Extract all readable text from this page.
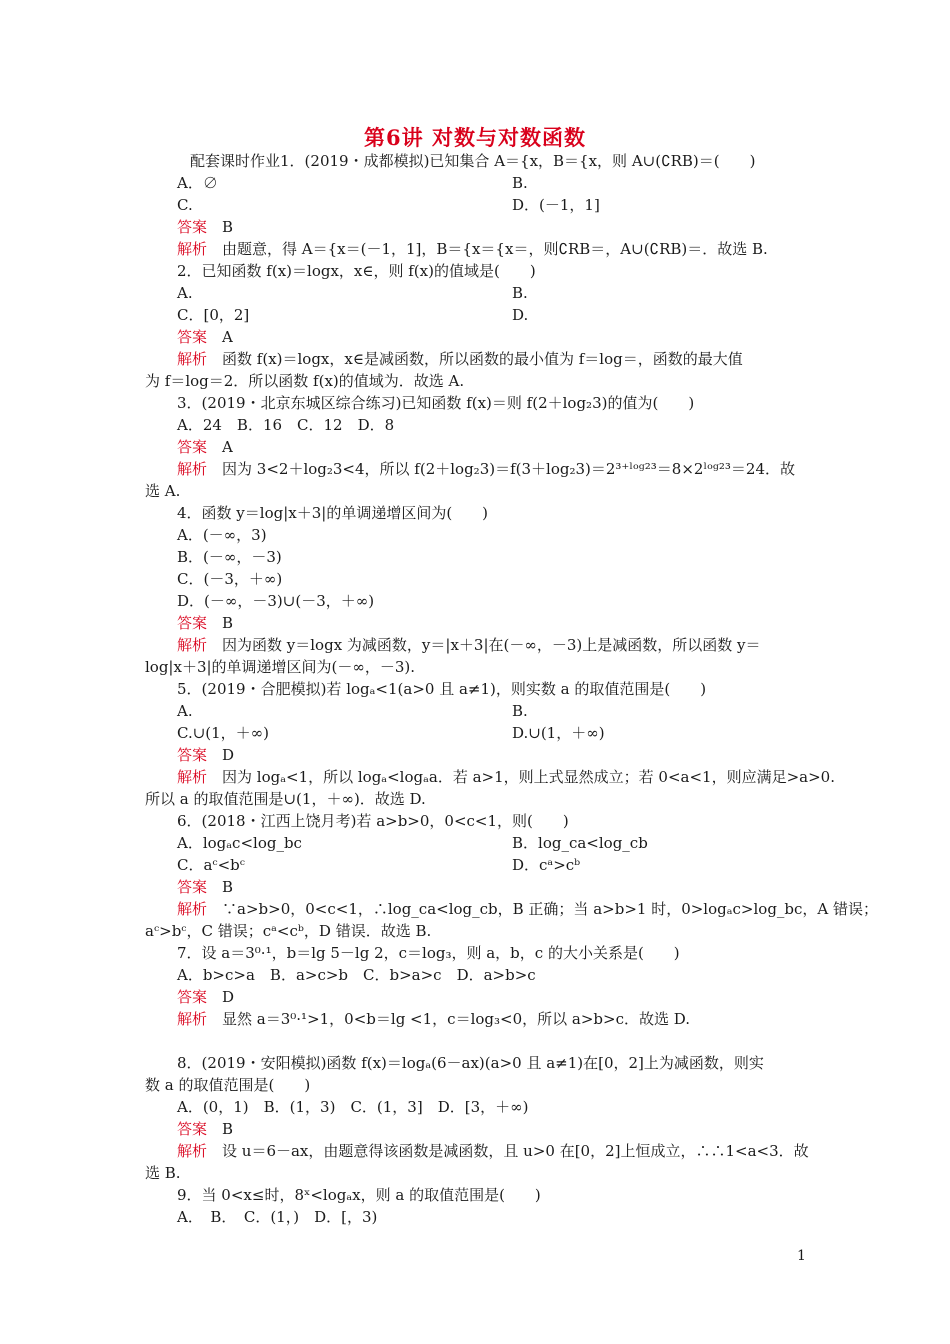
第6讲 对数与对数函数
配套课时作业1．(2019・成都模拟)已知集合 A＝{x，B＝{x，则 A∪(∁RB)＝(　　)
A．∅	B.
C.	D．(－1，1]
答案　B
解析　由题意，得 A＝{x＝(－1，1]，B＝{x＝{x＝，则∁RB＝，A∪(∁RB)＝．故选 B.
2．已知函数 f(x)＝logx，x∈，则 f(x)的值域是(　　)
A.	B.
C．[0，2]	D.
答案　A
解析　函数 f(x)＝logx，x∈是减函数，所以函数的最小值为 f＝log＝，函数的最大值
为 f＝log＝2．所以函数 f(x)的值域为．故选 A.
3．(2019・北京东城区综合练习)已知函数 f(x)＝则 f(2＋log₂3)的值为(　　)
A．24　B．16　C．12　D．8
答案　A
解析　因为 3<2＋log₂3<4，所以 f(2＋log₂3)＝f(3＋log₂3)＝2³⁺ˡᵒᵍ²³＝8×2ˡᵒᵍ²³＝24．故
选 A.
4．函数 y＝log|x＋3|的单调递增区间为(　　)
A．(－∞，3)
B．(－∞，－3)
C．(－3，＋∞)
D．(－∞，－3)∪(－3，＋∞)
答案　B
解析　因为函数 y＝logx 为减函数，y＝|x＋3|在(－∞，－3)上是减函数，所以函数 y＝
log|x＋3|的单调递增区间为(－∞，－3).
5．(2019・合肥模拟)若 logₐ<1(a>0 且 a≠1)，则实数 a 的取值范围是(　　)
A.	B.
C.∪(1，＋∞)	D.∪(1，＋∞)
答案　D
解析　因为 logₐ<1，所以 logₐ<logₐa．若 a>1，则上式显然成立；若 0<a<1，则应满足>a>0.
所以 a 的取值范围是∪(1，＋∞)．故选 D.
6．(2018・江西上饶月考)若 a>b>0，0<c<1，则(　　)
A．logₐc<log_bc	B．log_ca<log_cb
C．aᶜ<bᶜ	D．cᵃ>cᵇ
答案　B
解析　∵a>b>0，0<c<1，∴log_ca<log_cb，B 正确；当 a>b>1 时，0>logₐc>log_bc，A 错误；
aᶜ>bᶜ，C 错误；cᵃ<cᵇ，D 错误．故选 B.
7．设 a＝3⁰·¹，b＝lg 5－lg 2，c＝log₃，则 a，b，c 的大小关系是(　　)
A．b>c>a　B．a>c>b　C．b>a>c　D．a>b>c
答案　D
解析　显然 a＝3⁰·¹>1，0<b＝lg <1，c＝log₃<0，所以 a>b>c．故选 D.
8．(2019・安阳模拟)函数 f(x)＝logₐ(6－ax)(a>0 且 a≠1)在[0，2]上为减函数，则实
数 a 的取值范围是(　　)
A．(0，1)　B．(1，3)　C．(1，3]　D．[3，＋∞)
答案　B
解析　设 u＝6－ax，由题意得该函数是减函数，且 u>0 在[0，2]上恒成立，∴∴1<a<3．故
选 B.
9．当 0<x≤时，8ˣ<logₐx，则 a 的取值范围是(　　)
A．　B．　C．(1，)　D．[，3)
1
